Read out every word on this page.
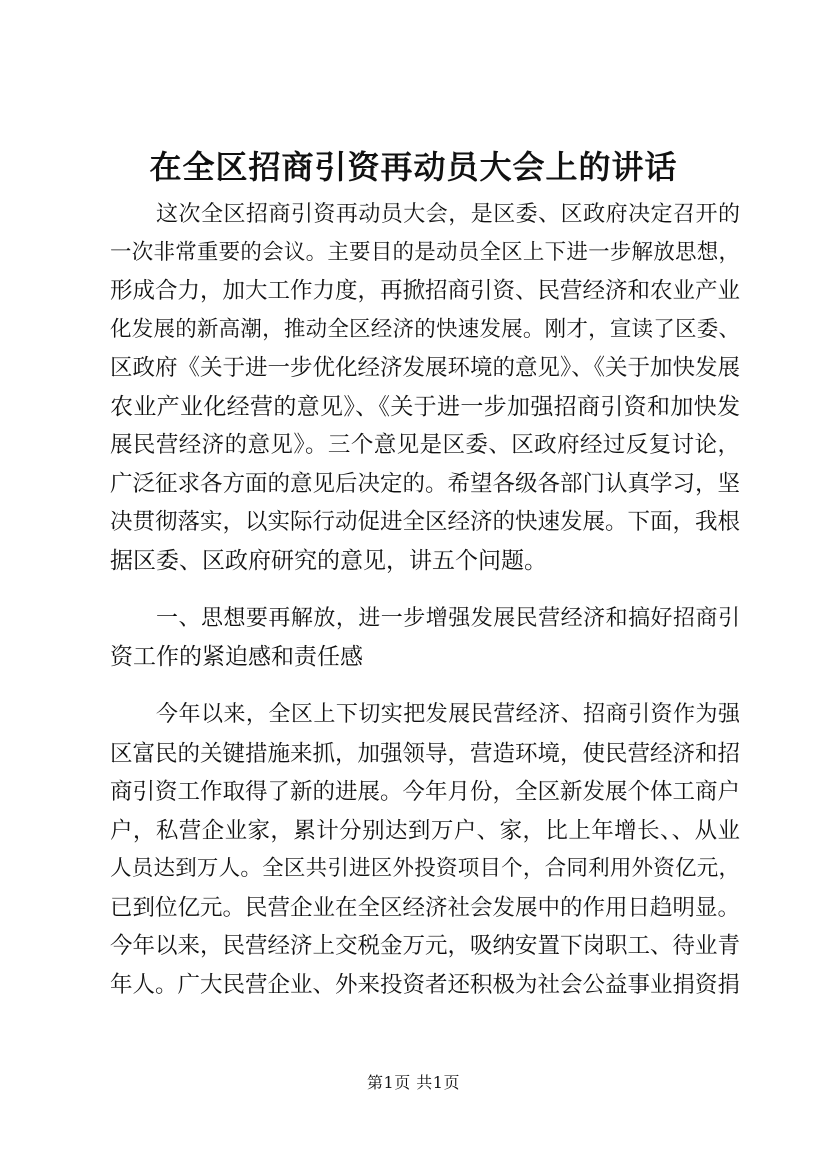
在全区招商引资再动员大会上的讲话
这次全区招商引资再动员大会，是区委、区政府决定召开的
一次非常重要的会议。主要目的是动员全区上下进一步解放思想，
形成合力，加大工作力度，再掀招商引资、民营经济和农业产业
化发展的新高潮，推动全区经济的快速发展。刚才，宣读了区委、
区政府《关于进一步优化经济发展环境的意见》、《关于加快发展
农业产业化经营的意见》、《关于进一步加强招商引资和加快发
展民营经济的意见》。三个意见是区委、区政府经过反复讨论，
广泛征求各方面的意见后决定的。希望各级各部门认真学习，坚
决贯彻落实，以实际行动促进全区经济的快速发展。下面，我根
据区委、区政府研究的意见，讲五个问题。
一、思想要再解放，进一步增强发展民营经济和搞好招商引
资工作的紧迫感和责任感
今年以来，全区上下切实把发展民营经济、招商引资作为强
区富民的关键措施来抓，加强领导，营造环境，使民营经济和招
商引资工作取得了新的进展。今年月份，全区新发展个体工商户
户，私营企业家，累计分别达到万户、家，比上年增长、、从业
人员达到万人。全区共引进区外投资项目个，合同利用外资亿元，
已到位亿元。民营企业在全区经济社会发展中的作用日趋明显。
今年以来，民营经济上交税金万元，吸纳安置下岗职工、待业青
年人。广大民营企业、外来投资者还积极为社会公益事业捐资捐
第1页 共1页
